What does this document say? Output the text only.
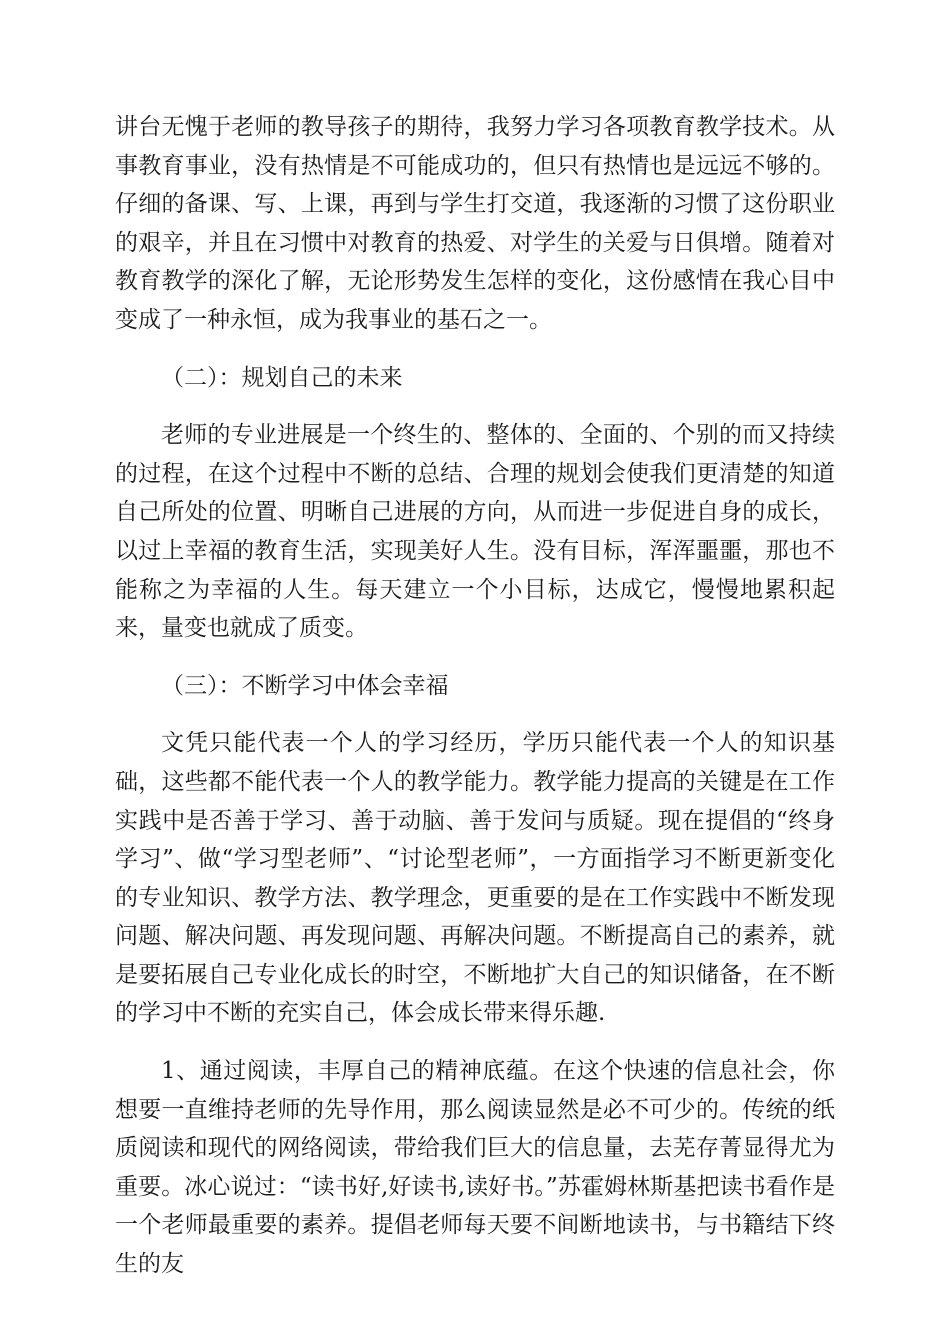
讲台无愧于老师的教导孩子的期待，我努力学习各项教育教学技术。从事教育事业，没有热情是不可能成功的，但只有热情也是远远不够的。仔细的备课、写、上课，再到与学生打交道，我逐渐的习惯了这份职业的艰辛，并且在习惯中对教育的热爱、对学生的关爱与日俱增。随着对教育教学的深化了解，无论形势发生怎样的变化，这份感情在我心目中变成了一种永恒，成为我事业的基石之一。

（二）：规划自己的未来

老师的专业进展是一个终生的、整体的、全面的、个别的而又持续的过程，在这个过程中不断的总结、合理的规划会使我们更清楚的知道自己所处的位置、明晰自己进展的方向，从而进一步促进自身的成长，以过上幸福的教育生活，实现美好人生。没有目标，浑浑噩噩，那也不能称之为幸福的人生。每天建立一个小目标，达成它，慢慢地累积起来，量变也就成了质变。

（三）：不断学习中体会幸福

文凭只能代表一个人的学习经历，学历只能代表一个人的知识基础，这些都不能代表一个人的教学能力。教学能力提高的关键是在工作实践中是否善于学习、善于动脑、善于发问与质疑。现在提倡的“终身学习”、做“学习型老师”、“讨论型老师”，一方面指学习不断更新变化的专业知识、教学方法、教学理念，更重要的是在工作实践中不断发现问题、解决问题、再发现问题、再解决问题。不断提高自己的素养，就是要拓展自己专业化成长的时空，不断地扩大自己的知识储备，在不断的学习中不断的充实自己，体会成长带来得乐趣.

1、通过阅读，丰厚自己的精神底蕴。在这个快速的信息社会，你想要一直维持老师的先导作用，那么阅读显然是必不可少的。传统的纸质阅读和现代的网络阅读，带给我们巨大的信息量，去芜存菁显得尤为重要。冰心说过：“读书好,好读书,读好书。”苏霍姆林斯基把读书看作是一个老师最重要的素养。提倡老师每天要不间断地读书，与书籍结下终生的友
